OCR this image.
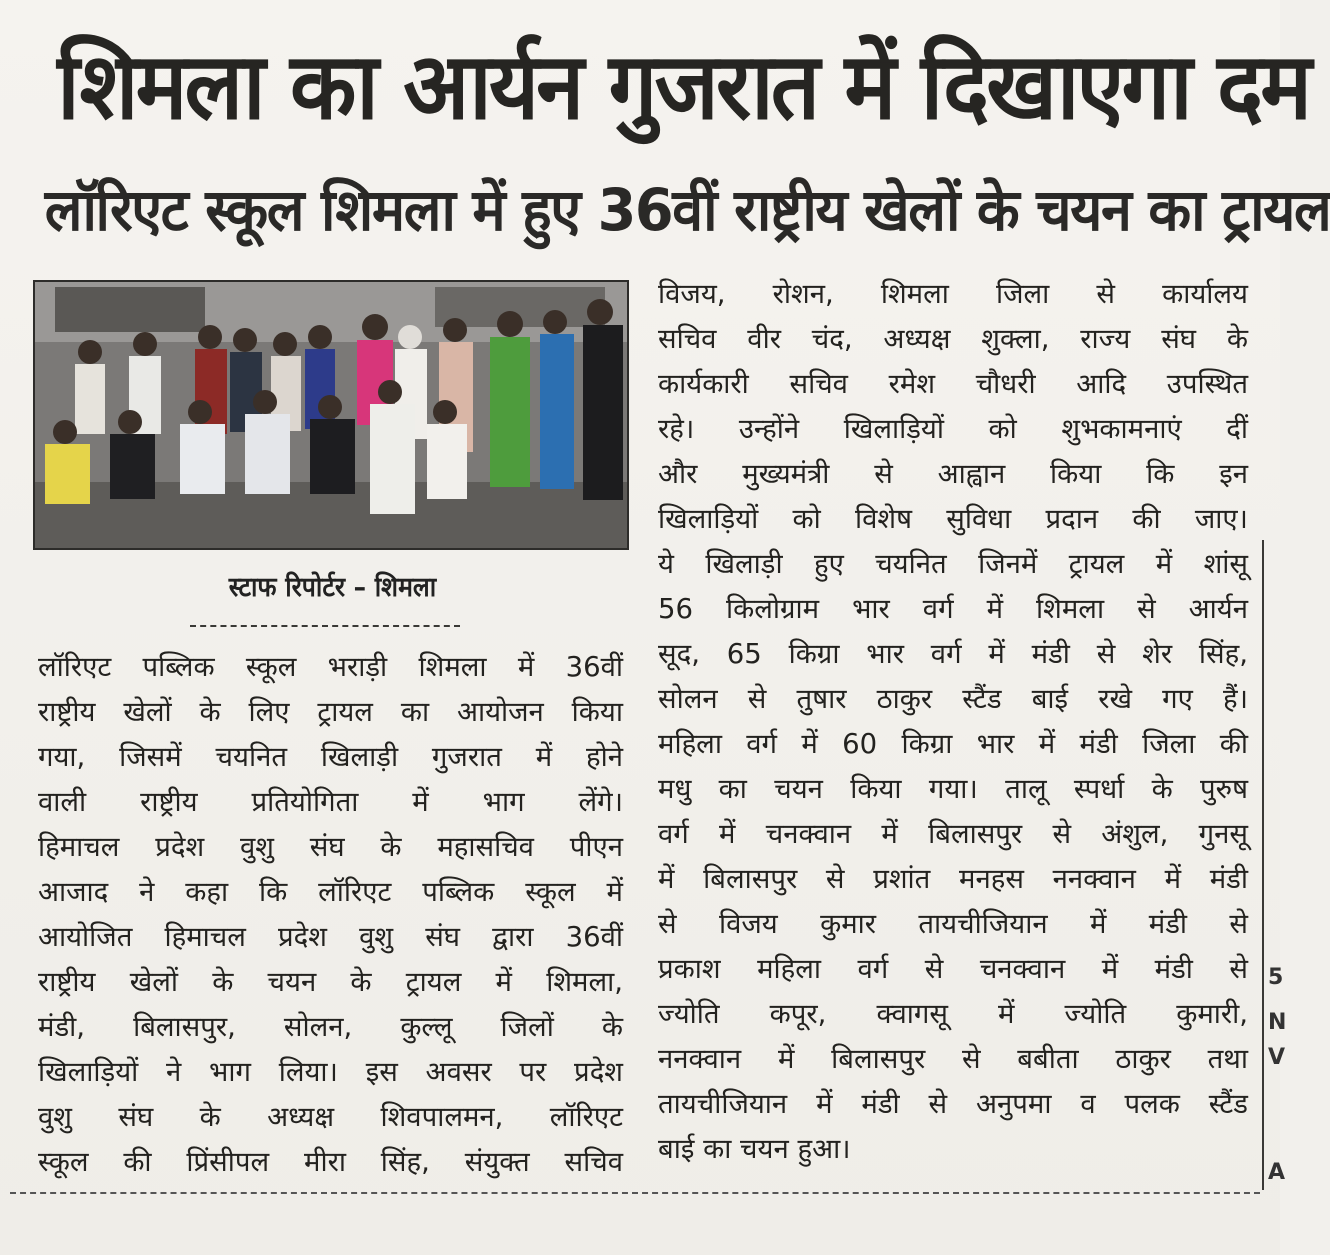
शिमला का आर्यन गुजरात में दिखाएगा दम
लॉरिएट स्कूल शिमला में हुए 36वीं राष्ट्रीय खेलों के चयन का ट्रायल
स्टाफ रिपोर्टर – शिमला
लॉरिएट पब्लिक स्कूल भराड़ी शिमला में 36वीं
राष्ट्रीय खेलों के लिए ट्रायल का आयोजन किया
गया, जिसमें चयनित खिलाड़ी गुजरात में होने
वाली राष्ट्रीय प्रतियोगिता में भाग लेंगे।
हिमाचल प्रदेश वुशु संघ के महासचिव पीएन
आजाद ने कहा कि लॉरिएट पब्लिक स्कूल में
आयोजित हिमाचल प्रदेश वुशु संघ द्वारा 36वीं
राष्ट्रीय खेलों के चयन के ट्रायल में शिमला,
मंडी, बिलासपुर, सोलन, कुल्लू जिलों के
खिलाड़ियों ने भाग लिया। इस अवसर पर प्रदेश
वुशु संघ के अध्यक्ष शिवपालमन, लॉरिएट
स्कूल की प्रिंसीपल मीरा सिंह, संयुक्त सचिव
विजय, रोशन, शिमला जिला से कार्यालय
सचिव वीर चंद, अध्यक्ष शुक्ला, राज्य संघ के
कार्यकारी सचिव रमेश चौधरी आदि उपस्थित
रहे। उन्होंने खिलाड़ियों को शुभकामनाएं दीं
और मुख्यमंत्री से आह्वान किया कि इन
खिलाड़ियों को विशेष सुविधा प्रदान की जाए।
ये खिलाड़ी हुए चयनित जिनमें ट्रायल में शांसू
56 किलोग्राम भार वर्ग में शिमला से आर्यन
सूद, 65 किग्रा भार वर्ग में मंडी से शेर सिंह,
सोलन से तुषार ठाकुर स्टैंड बाई रखे गए हैं।
महिला वर्ग में 60 किग्रा भार में मंडी जिला की
मधु का चयन किया गया। तालू स्पर्धा के पुरुष
वर्ग में चनक्वान में बिलासपुर से अंशुल, गुनसू
में बिलासपुर से प्रशांत मनहस ननक्वान में मंडी
से विजय कुमार तायचीजियान में मंडी से
प्रकाश महिला वर्ग से चनक्वान में मंडी से
ज्योति कपूर, क्वागसू में ज्योति कुमारी,
ननक्वान में बिलासपुर से बबीता ठाकुर तथा
तायचीजियान में मंडी से अनुपमा व पलक स्टैंड
बाई का चयन हुआ।
5
N
V
A
